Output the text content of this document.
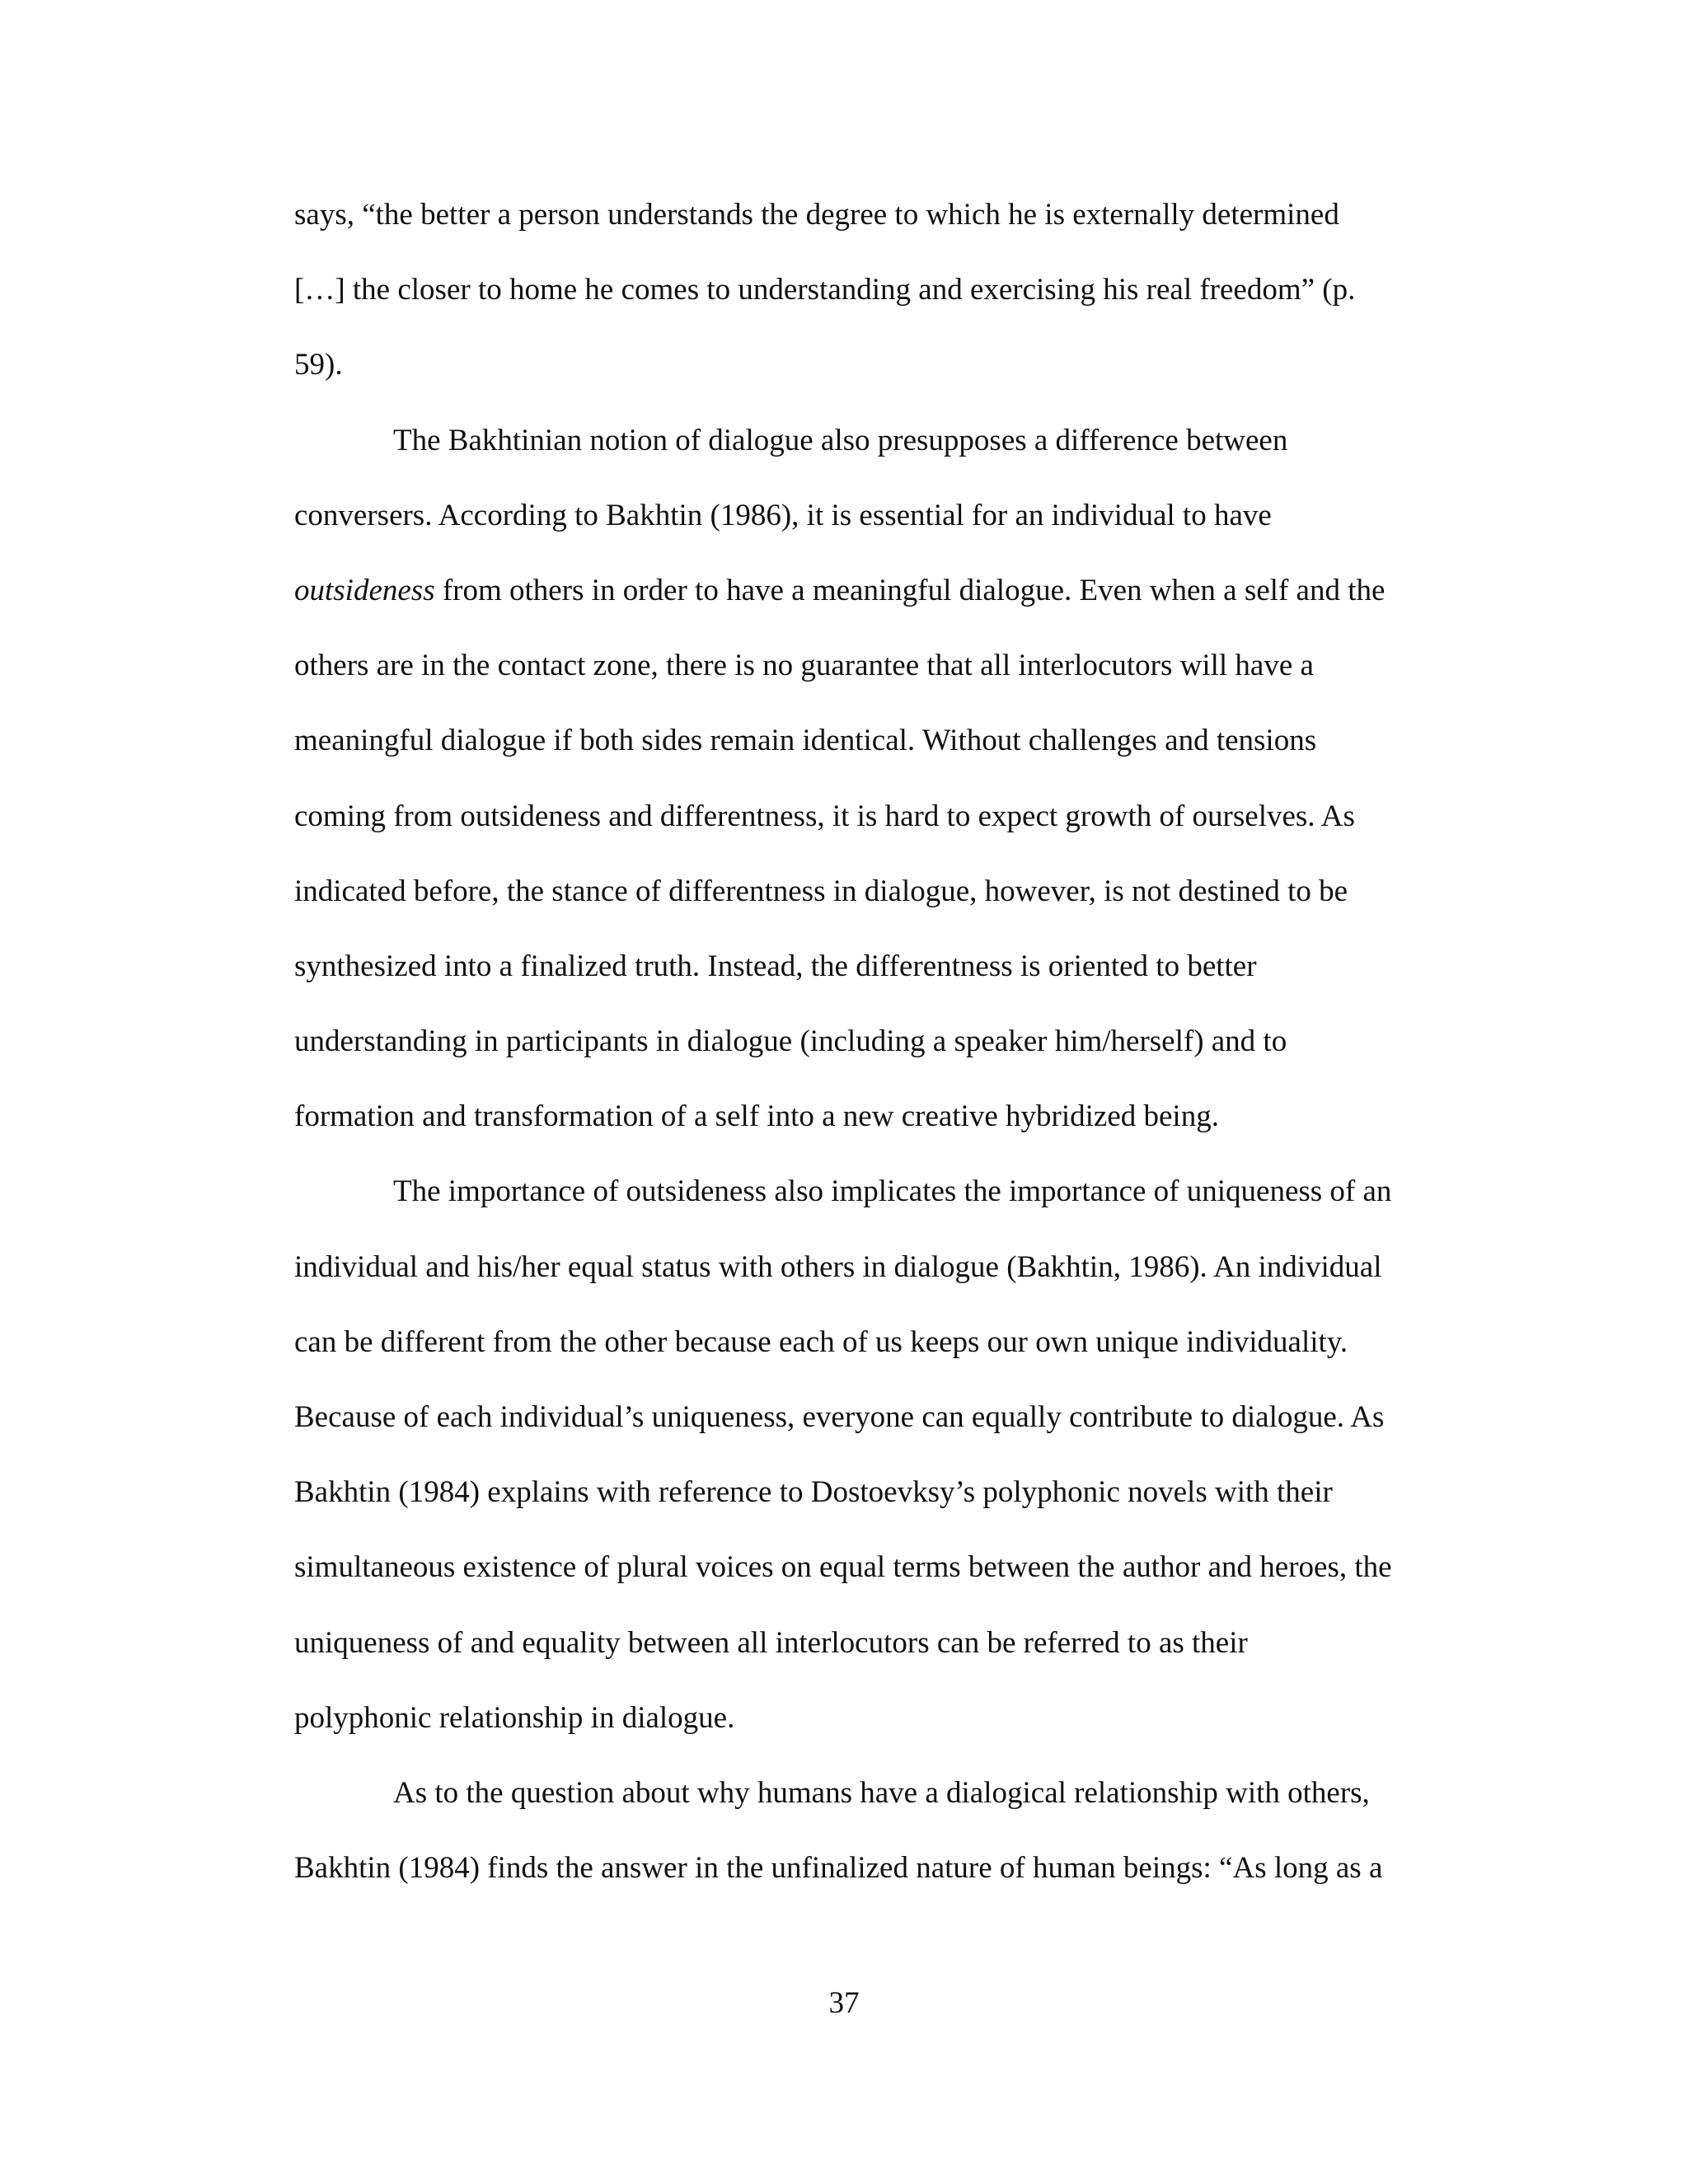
says, “the better a person understands the degree to which he is externally determined
[…] the closer to home he comes to understanding and exercising his real freedom” (p.
59).
The Bakhtinian notion of dialogue also presupposes a difference between
conversers. According to Bakhtin (1986), it is essential for an individual to have
outsideness from others in order to have a meaningful dialogue. Even when a self and the
others are in the contact zone, there is no guarantee that all interlocutors will have a
meaningful dialogue if both sides remain identical. Without challenges and tensions
coming from outsideness and differentness, it is hard to expect growth of ourselves. As
indicated before, the stance of differentness in dialogue, however, is not destined to be
synthesized into a finalized truth. Instead, the differentness is oriented to better
understanding in participants in dialogue (including a speaker him/herself) and to
formation and transformation of a self into a new creative hybridized being.
The importance of outsideness also implicates the importance of uniqueness of an
individual and his/her equal status with others in dialogue (Bakhtin, 1986). An individual
can be different from the other because each of us keeps our own unique individuality.
Because of each individual’s uniqueness, everyone can equally contribute to dialogue. As
Bakhtin (1984) explains with reference to Dostoevksy’s polyphonic novels with their
simultaneous existence of plural voices on equal terms between the author and heroes, the
uniqueness of and equality between all interlocutors can be referred to as their
polyphonic relationship in dialogue.
As to the question about why humans have a dialogical relationship with others,
Bakhtin (1984) finds the answer in the unfinalized nature of human beings: “As long as a
37
